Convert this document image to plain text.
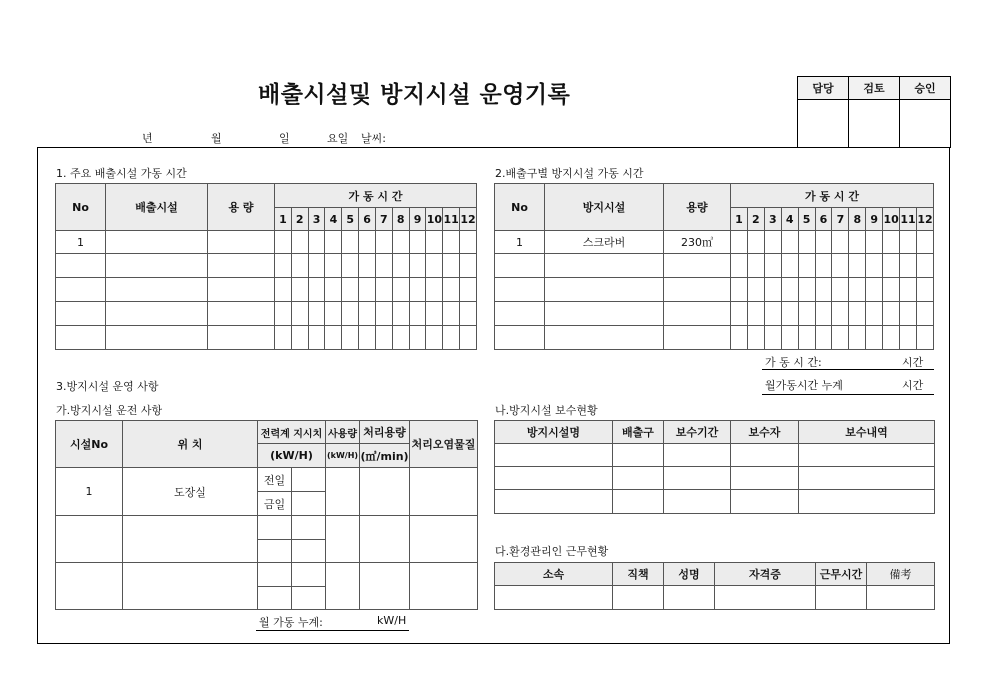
배출시설및 방지시설 운영기록
년	월	일	요일 날씨:
담당	검토	승인

1. 주요 배출시설 가동 시간
No	배출시설	용 량	가 동 시 간											
			1	2	3	4	5	6	7	8	9	10	11	12
1														

2.배출구별 방지시설 가동 시간
No	방지시설	용량	가 동 시 간											
			1	2	3	4	5	6	7	8	9	10	11	12
1	스크라버	230㎥												

가 동 시 간:	시간
월가동시간 누계	시간
3.방지시설 운영 사항
가.방지시설 운전 사항
시설No	위 치	전력계 지시치		사용량	처리용량	처리오염물질
		(kW/H)		(kW/H)	(㎥/min)	
1	도장실	전일				
		금일				

월 가동 누계:	kW/H
나.방지시설 보수현황
방지시설명	배출구	보수기간	보수자	보수내역

다.환경관리인 근무현황
소속	직책	성명	자격증	근무시간	備考
